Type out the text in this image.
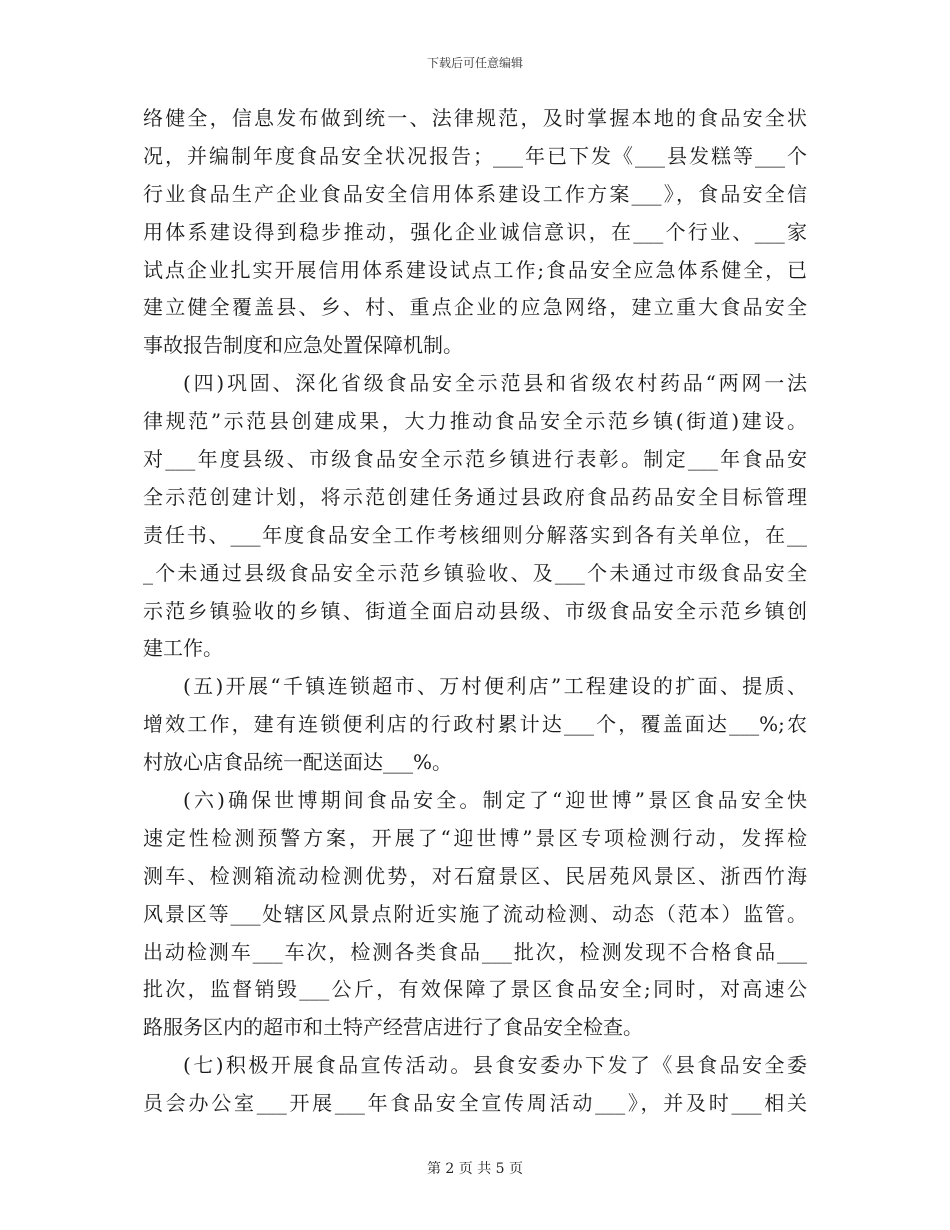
下载后可任意编辑
络健全，信息发布做到统一、法律规范，及时掌握本地的食品安全状
况，并编制年度食品安全状况报告；___年已下发《___县发糕等___个
行业食品生产企业食品安全信用体系建设工作方案___》，食品安全信
用体系建设得到稳步推动，强化企业诚信意识，在___个行业、___家
试点企业扎实开展信用体系建设试点工作;食品安全应急体系健全，已
建立健全覆盖县、乡、村、重点企业的应急网络，建立重大食品安全
事故报告制度和应急处置保障机制。
(四)巩固、深化省级食品安全示范县和省级农村药品“两网一法
律规范”示范县创建成果，大力推动食品安全示范乡镇(街道)建设。
对___年度县级、市级食品安全示范乡镇进行表彰。制定___年食品安
全示范创建计划，将示范创建任务通过县政府食品药品安全目标管理
责任书、___年度食品安全工作考核细则分解落实到各有关单位，在__
_个未通过县级食品安全示范乡镇验收、及___个未通过市级食品安全
示范乡镇验收的乡镇、街道全面启动县级、市级食品安全示范乡镇创
建工作。
(五)开展“千镇连锁超市、万村便利店”工程建设的扩面、提质、
增效工作，建有连锁便利店的行政村累计达___个，覆盖面达___%;农
村放心店食品统一配送面达___%。
(六)确保世博期间食品安全。制定了“迎世博”景区食品安全快
速定性检测预警方案，开展了“迎世博”景区专项检测行动，发挥检
测车、检测箱流动检测优势，对石窟景区、民居苑风景区、浙西竹海
风景区等___处辖区风景点附近实施了流动检测、动态（范本）监管。
出动检测车___车次，检测各类食品___批次，检测发现不合格食品___
批次，监督销毁___公斤，有效保障了景区食品安全;同时，对高速公
路服务区内的超市和土特产经营店进行了食品安全检查。
(七)积极开展食品宣传活动。县食安委办下发了《县食品安全委
员会办公室___开展___年食品安全宣传周活动___》，并及时___相关
第 2 页 共 5 页
